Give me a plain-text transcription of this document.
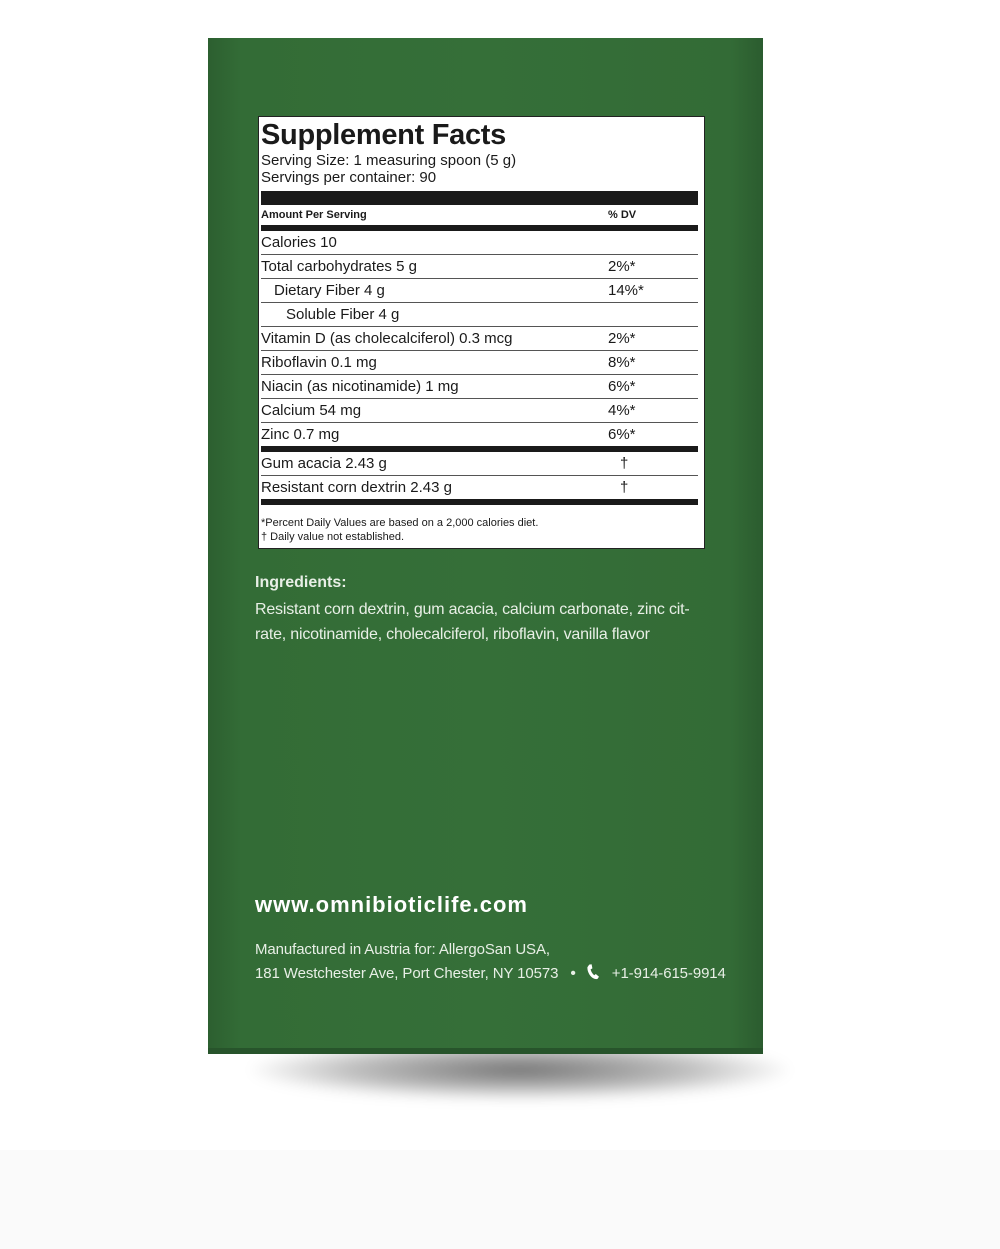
Supplement Facts
Serving Size: 1 measuring spoon (5 g)
Servings per container: 90
Amount Per Serving	% DV
Calories 10
Total carbohydrates 5 g	2%*
Dietary Fiber 4 g	14%*
Soluble Fiber 4 g
Vitamin D (as cholecalciferol) 0.3 mcg	2%*
Riboflavin 0.1 mg	8%*
Niacin (as nicotinamide) 1 mg	6%*
Calcium 54 mg	4%*
Zinc 0.7 mg	6%*
Gum acacia 2.43 g	†
Resistant corn dextrin 2.43 g	†
*Percent Daily Values are based on a 2,000 calories diet.
† Daily value not established.
Ingredients:
Resistant corn dextrin, gum acacia, calcium carbonate, zinc cit-
rate, nicotinamide, cholecalciferol, riboflavin, vanilla flavor
www.omnibioticlife.com
Manufactured in Austria for: AllergoSan USA,
181 Westchester Ave, Port Chester, NY 10573 • +1-914-615-9914
